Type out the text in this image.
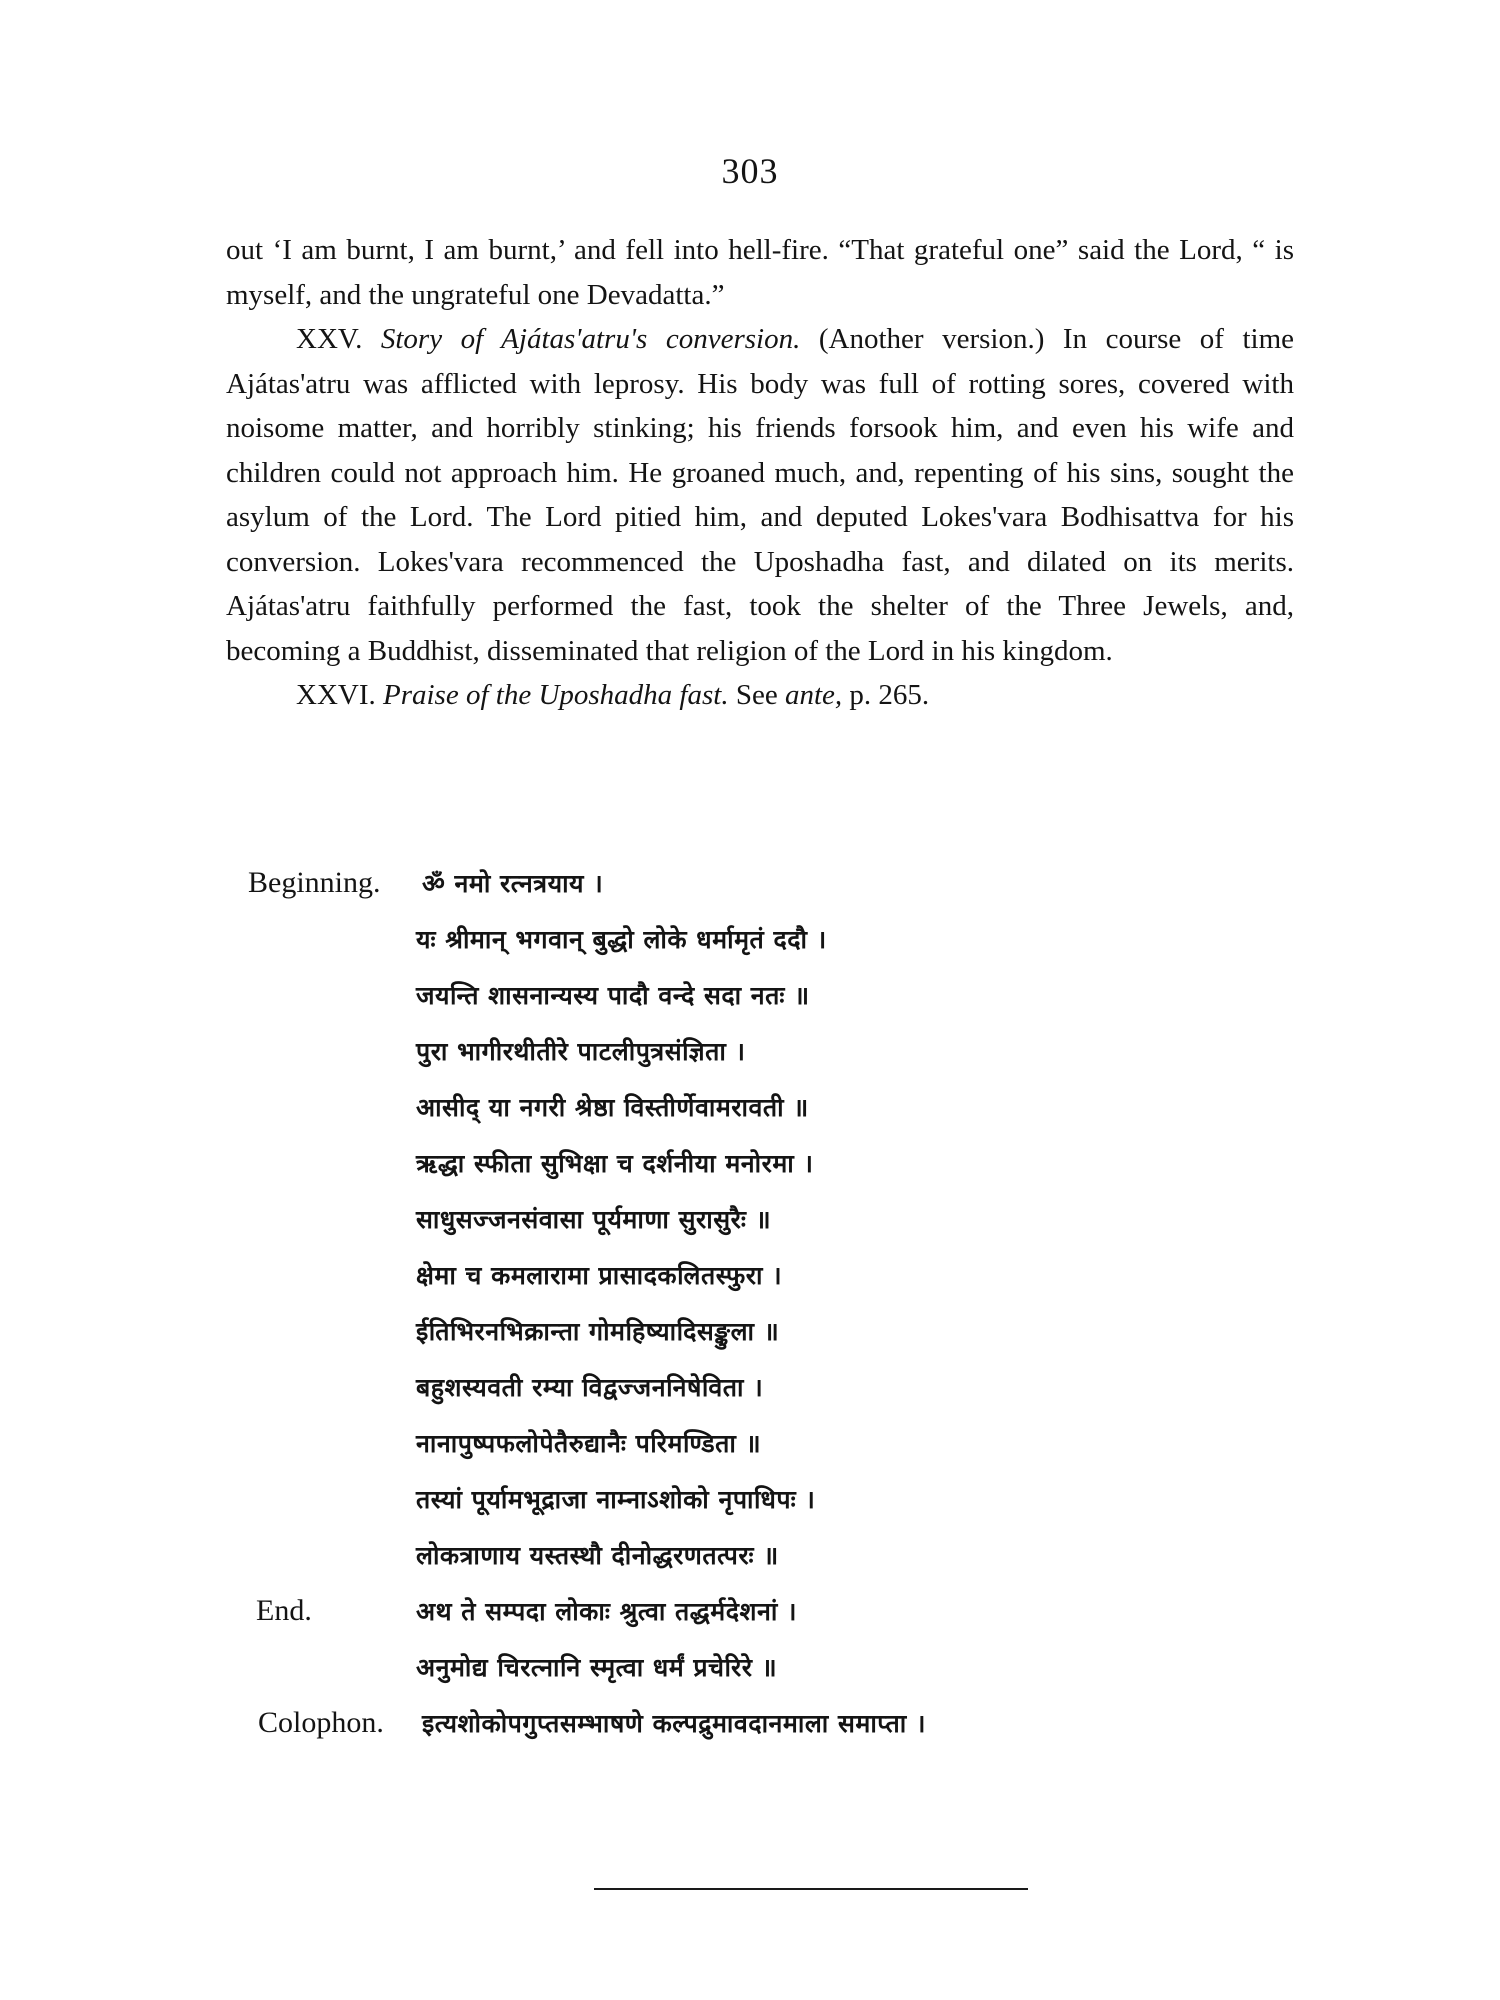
303

out ‘I am burnt, I am burnt,’ and fell into hell-fire. “That grateful one” said the Lord, “ is myself, and the ungrateful one Devadatta.”

XXV. Story of Ajátas'atru's conversion. (Another version.) In course of time Ajátas'atru was afflicted with leprosy. His body was full of rotting sores, covered with noisome matter, and horribly stinking; his friends forsook him, and even his wife and children could not approach him. He groaned much, and, repenting of his sins, sought the asylum of the Lord. The Lord pitied him, and deputed Lokes'vara Bodhisattva for his conversion. Lokes'vara recommenced the Uposhadha fast, and dilated on its merits. Ajátas'atru faithfully performed the fast, took the shelter of the Three Jewels, and, becoming a Buddhist, disseminated that religion of the Lord in his kingdom.

XXVI. Praise of the Uposhadha fast. See ante, p. 265.

Beginning. ॐ नमो रत्नत्रयाय ।
यः श्रीमान् भगवान् बुद्धो लोके धर्मामृतं ददौ ।
जयन्ति शासनान्यस्य पादौ वन्दे सदा नतः ॥
पुरा भागीरथीतीरे पाटलीपुत्रसंज्ञिता ।
आसीद् या नगरी श्रेष्ठा विस्तीर्णेवामरावती ॥
ऋद्धा स्फीता सुभिक्षा च दर्शनीया मनोरमा ।
साधुसज्जनसंवासा पूर्यमाणा सुरासुरैः ॥
क्षेमा च कमलारामा प्रासादकलितस्फुरा ।
ईतिभिरनभिक्रान्ता गोमहिष्यादिसङ्कुला ॥
बहुशस्यवती रम्या विद्वज्जननिषेविता ।
नानापुष्पफलोपेतैरुद्यानैः परिमण्डिता ॥
तस्यां पूर्यामभूद्राजा नाम्नाऽशोको नृपाधिपः ।
लोकत्राणाय यस्तस्थौ दीनोद्धरणतत्परः ॥
End.	अथ ते सम्पदा लोकाः श्रुत्वा तद्धर्मदेशनां ।
अनुमोद्य चिरत्नानि स्मृत्वा धर्मं प्रचेरिरे ॥
Colophon. इत्यशोकोपगुप्तसम्भाषणे कल्पद्रुमावदानमाला समाप्ता ।
